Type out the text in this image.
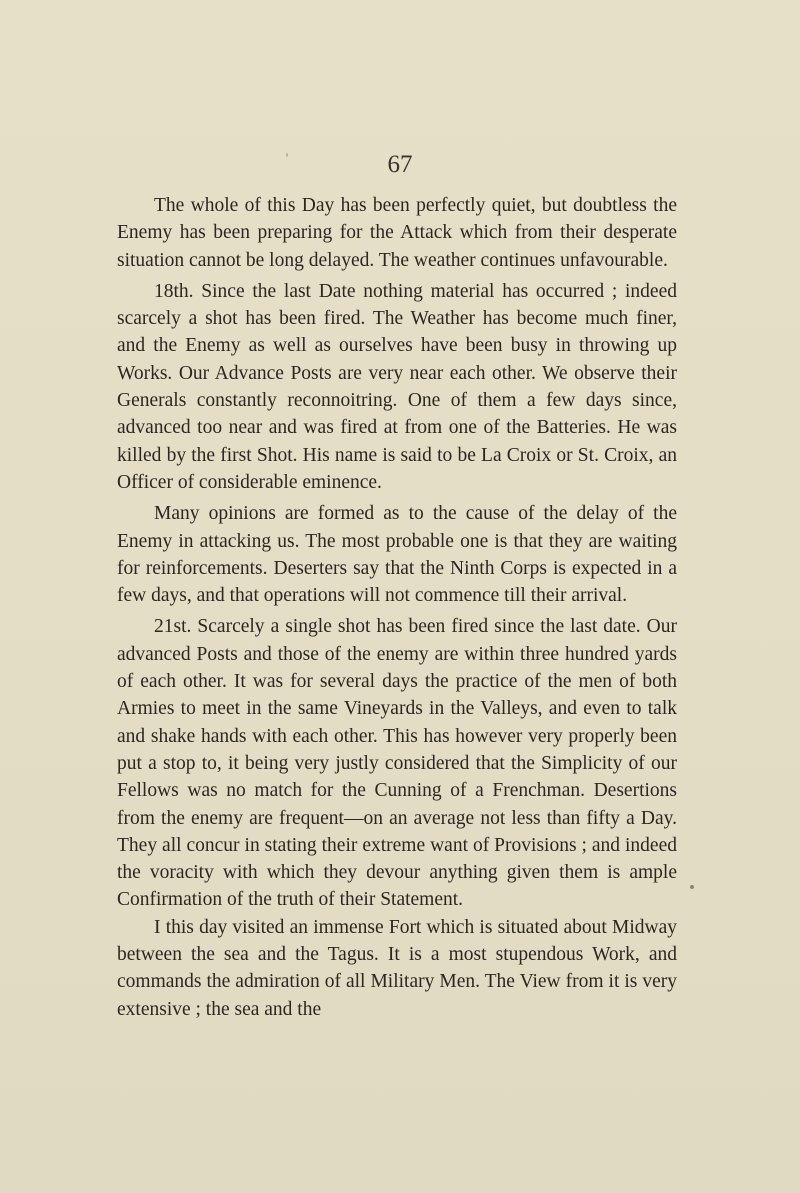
67

The whole of this Day has been perfectly quiet, but doubtless the Enemy has been preparing for the Attack which from their desperate situation cannot be long delayed. The weather continues unfavourable.

18th. Since the last Date nothing material has occurred ; indeed scarcely a shot has been fired. The Weather has become much finer, and the Enemy as well as ourselves have been busy in throwing up Works. Our Advance Posts are very near each other. We observe their Generals constantly reconnoitring. One of them a few days since, advanced too near and was fired at from one of the Batteries. He was killed by the first Shot. His name is said to be La Croix or St. Croix, an Officer of considerable eminence.

Many opinions are formed as to the cause of the delay of the Enemy in attacking us. The most probable one is that they are waiting for reinforcements. Deserters say that the Ninth Corps is expected in a few days, and that operations will not commence till their arrival.

21st. Scarcely a single shot has been fired since the last date. Our advanced Posts and those of the enemy are within three hundred yards of each other. It was for several days the practice of the men of both Armies to meet in the same Vineyards in the Valleys, and even to talk and shake hands with each other. This has however very properly been put a stop to, it being very justly considered that the Simplicity of our Fellows was no match for the Cunning of a Frenchman. Desertions from the enemy are frequent—on an average not less than fifty a Day. They all concur in stating their extreme want of Provisions ; and indeed the voracity with which they devour anything given them is ample Confirmation of the truth of their Statement.

I this day visited an immense Fort which is situated about Midway between the sea and the Tagus. It is a most stupendous Work, and commands the admiration of all Military Men. The View from it is very extensive ; the sea and the
